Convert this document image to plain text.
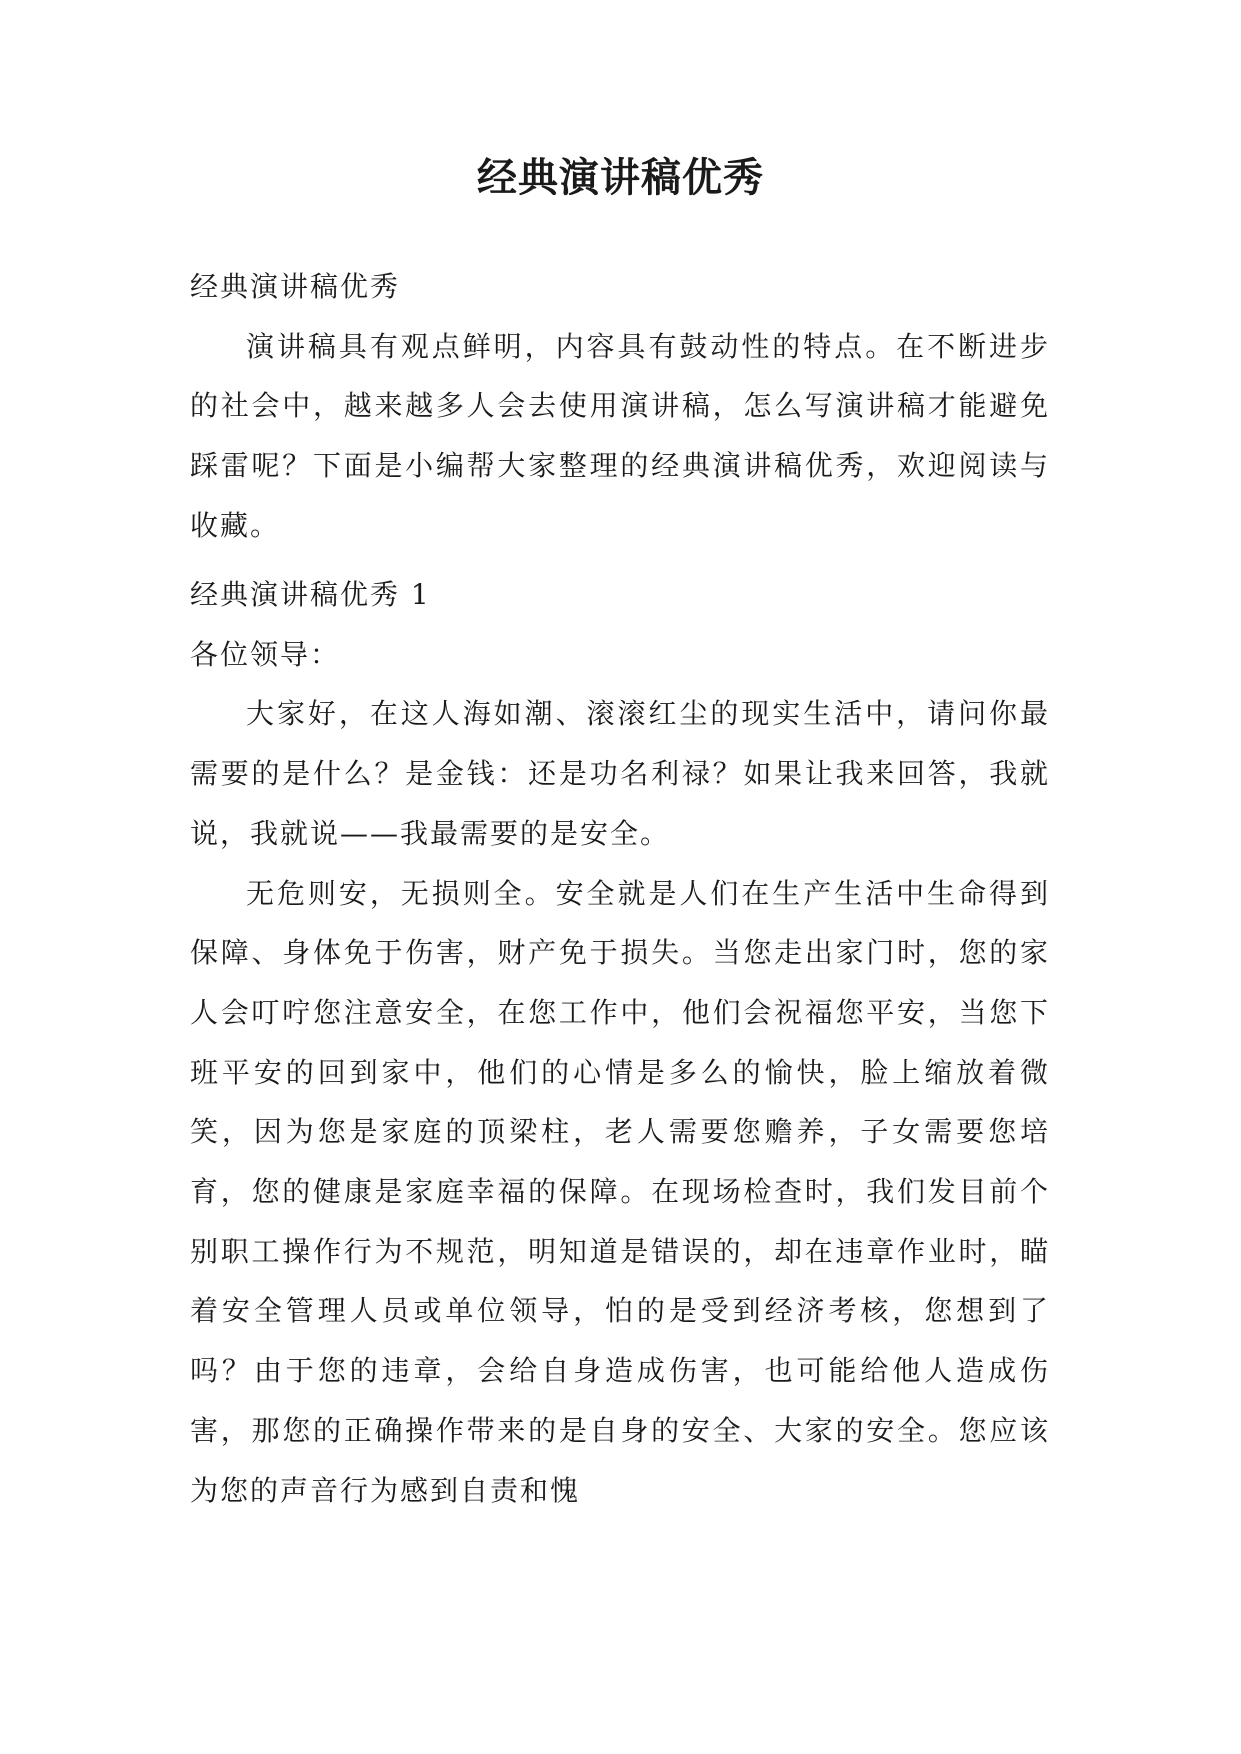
经典演讲稿优秀

经典演讲稿优秀

演讲稿具有观点鲜明，内容具有鼓动性的特点。在不断进步的社会中，越来越多人会去使用演讲稿，怎么写演讲稿才能避免踩雷呢？下面是小编帮大家整理的经典演讲稿优秀，欢迎阅读与收藏。

经典演讲稿优秀 1

各位领导：

大家好，在这人海如潮、滚滚红尘的现实生活中，请问你最需要的是什么？是金钱：还是功名利禄？如果让我来回答，我就说，我就说——我最需要的是安全。

无危则安，无损则全。安全就是人们在生产生活中生命得到保障、身体免于伤害，财产免于损失。当您走出家门时，您的家人会叮咛您注意安全，在您工作中，他们会祝福您平安，当您下班平安的回到家中，他们的心情是多么的愉快，脸上缩放着微笑，因为您是家庭的顶梁柱，老人需要您赡养，子女需要您培育，您的健康是家庭幸福的保障。在现场检查时，我们发目前个别职工操作行为不规范，明知道是错误的，却在违章作业时，瞄着安全管理人员或单位领导，怕的是受到经济考核，您想到了吗？由于您的违章，会给自身造成伤害，也可能给他人造成伤害，那您的正确操作带来的是自身的安全、大家的安全。您应该为您的声音行为感到自责和愧
